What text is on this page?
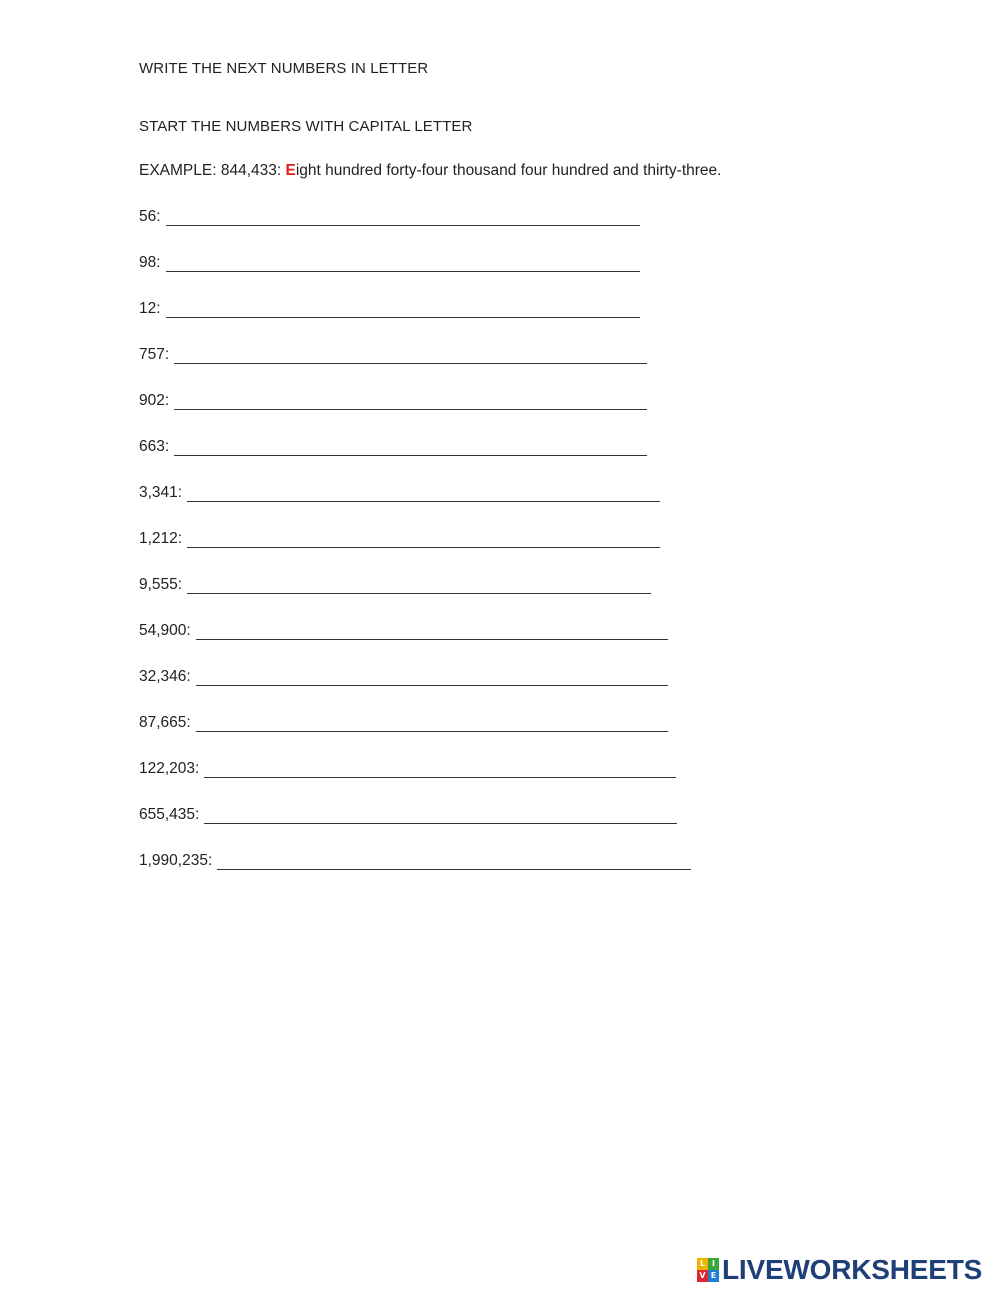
WRITE THE NEXT NUMBERS IN LETTER
START THE NUMBERS WITH CAPITAL LETTER
EXAMPLE: 844,433: Eight hundred forty-four thousand four hundred and thirty-three.
56:
98:
12:
757:
902:
663:
3,341:
1,212:
9,555:
54,900:
32,346:
87,665:
122,203:
655,435:
1,990,235:
L I
V E LIVEWORKSHEETS
